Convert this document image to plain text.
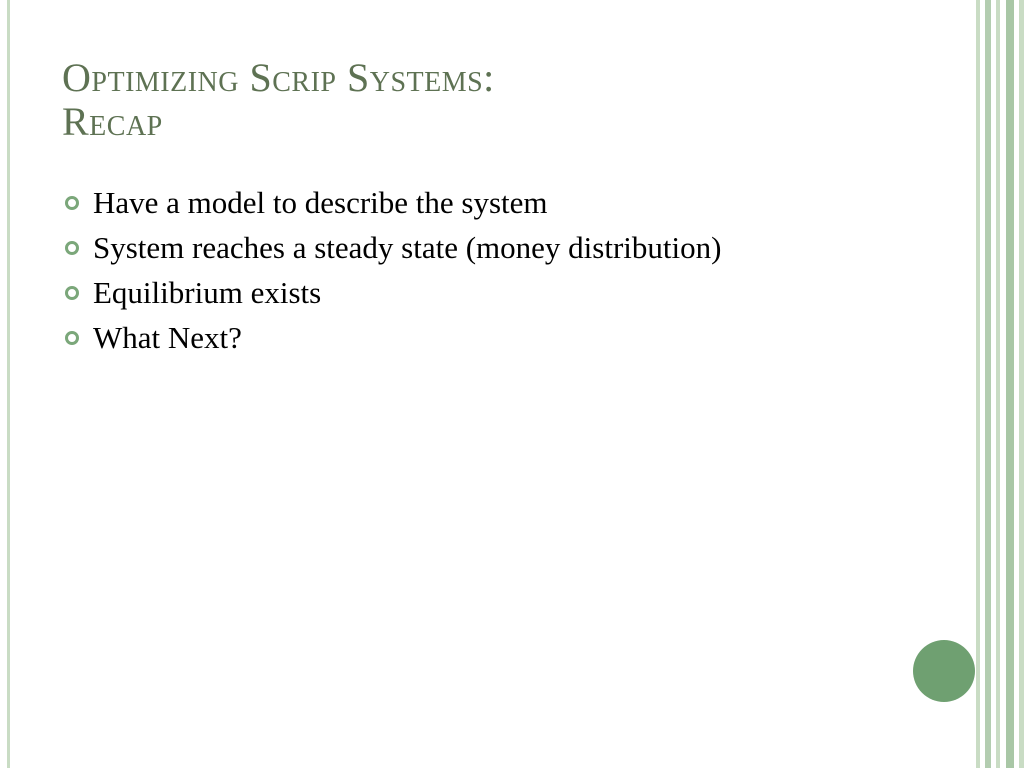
Optimizing Scrip Systems:
Recap
Have a model to describe the system
System reaches a steady state (money distribution)
Equilibrium exists
What Next?
